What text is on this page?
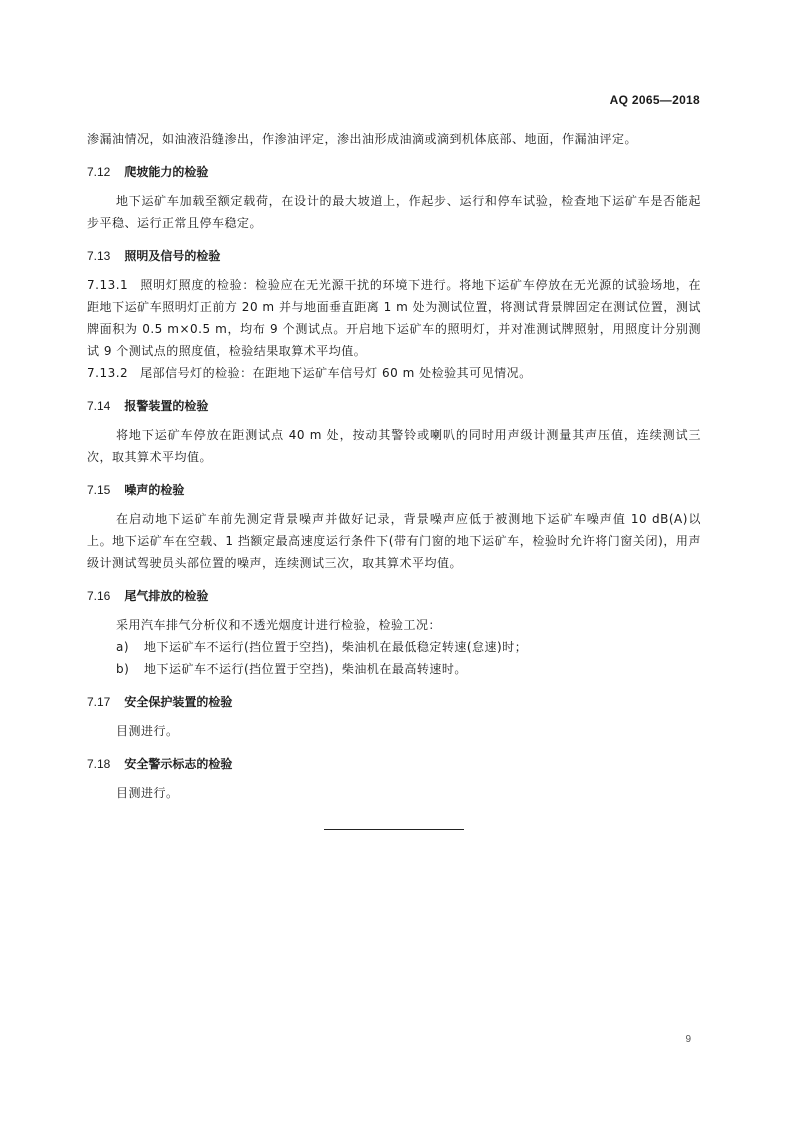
AQ 2065—2018

渗漏油情况，如油液沿缝渗出，作渗油评定，渗出油形成油滴或滴到机体底部、地面，作漏油评定。

7.12 爬坡能力的检验

地下运矿车加载至额定载荷，在设计的最大坡道上，作起步、运行和停车试验，检查地下运矿车是否能起步平稳、运行正常且停车稳定。

7.13 照明及信号的检验

7.13.1 照明灯照度的检验：检验应在无光源干扰的环境下进行。将地下运矿车停放在无光源的试验场地，在距地下运矿车照明灯正前方 20 m 并与地面垂直距离 1 m 处为测试位置，将测试背景牌固定在测试位置，测试牌面积为 0.5 m×0.5 m，均布 9 个测试点。开启地下运矿车的照明灯，并对准测试牌照射，用照度计分别测试 9 个测试点的照度值，检验结果取算术平均值。

7.13.2 尾部信号灯的检验：在距地下运矿车信号灯 60 m 处检验其可见情况。

7.14 报警装置的检验

将地下运矿车停放在距测试点 40 m 处，按动其警铃或喇叭的同时用声级计测量其声压值，连续测试三次，取其算术平均值。

7.15 噪声的检验

在启动地下运矿车前先测定背景噪声并做好记录，背景噪声应低于被测地下运矿车噪声值 10 dB(A)以上。地下运矿车在空载、1 挡额定最高速度运行条件下(带有门窗的地下运矿车，检验时允许将门窗关闭)，用声级计测试驾驶员头部位置的噪声，连续测试三次，取其算术平均值。

7.16 尾气排放的检验

采用汽车排气分析仪和不透光烟度计进行检验，检验工况：

a) 地下运矿车不运行(挡位置于空挡)，柴油机在最低稳定转速(怠速)时；

b) 地下运矿车不运行(挡位置于空挡)，柴油机在最高转速时。

7.17 安全保护装置的检验

目测进行。

7.18 安全警示标志的检验

目测进行。

9
